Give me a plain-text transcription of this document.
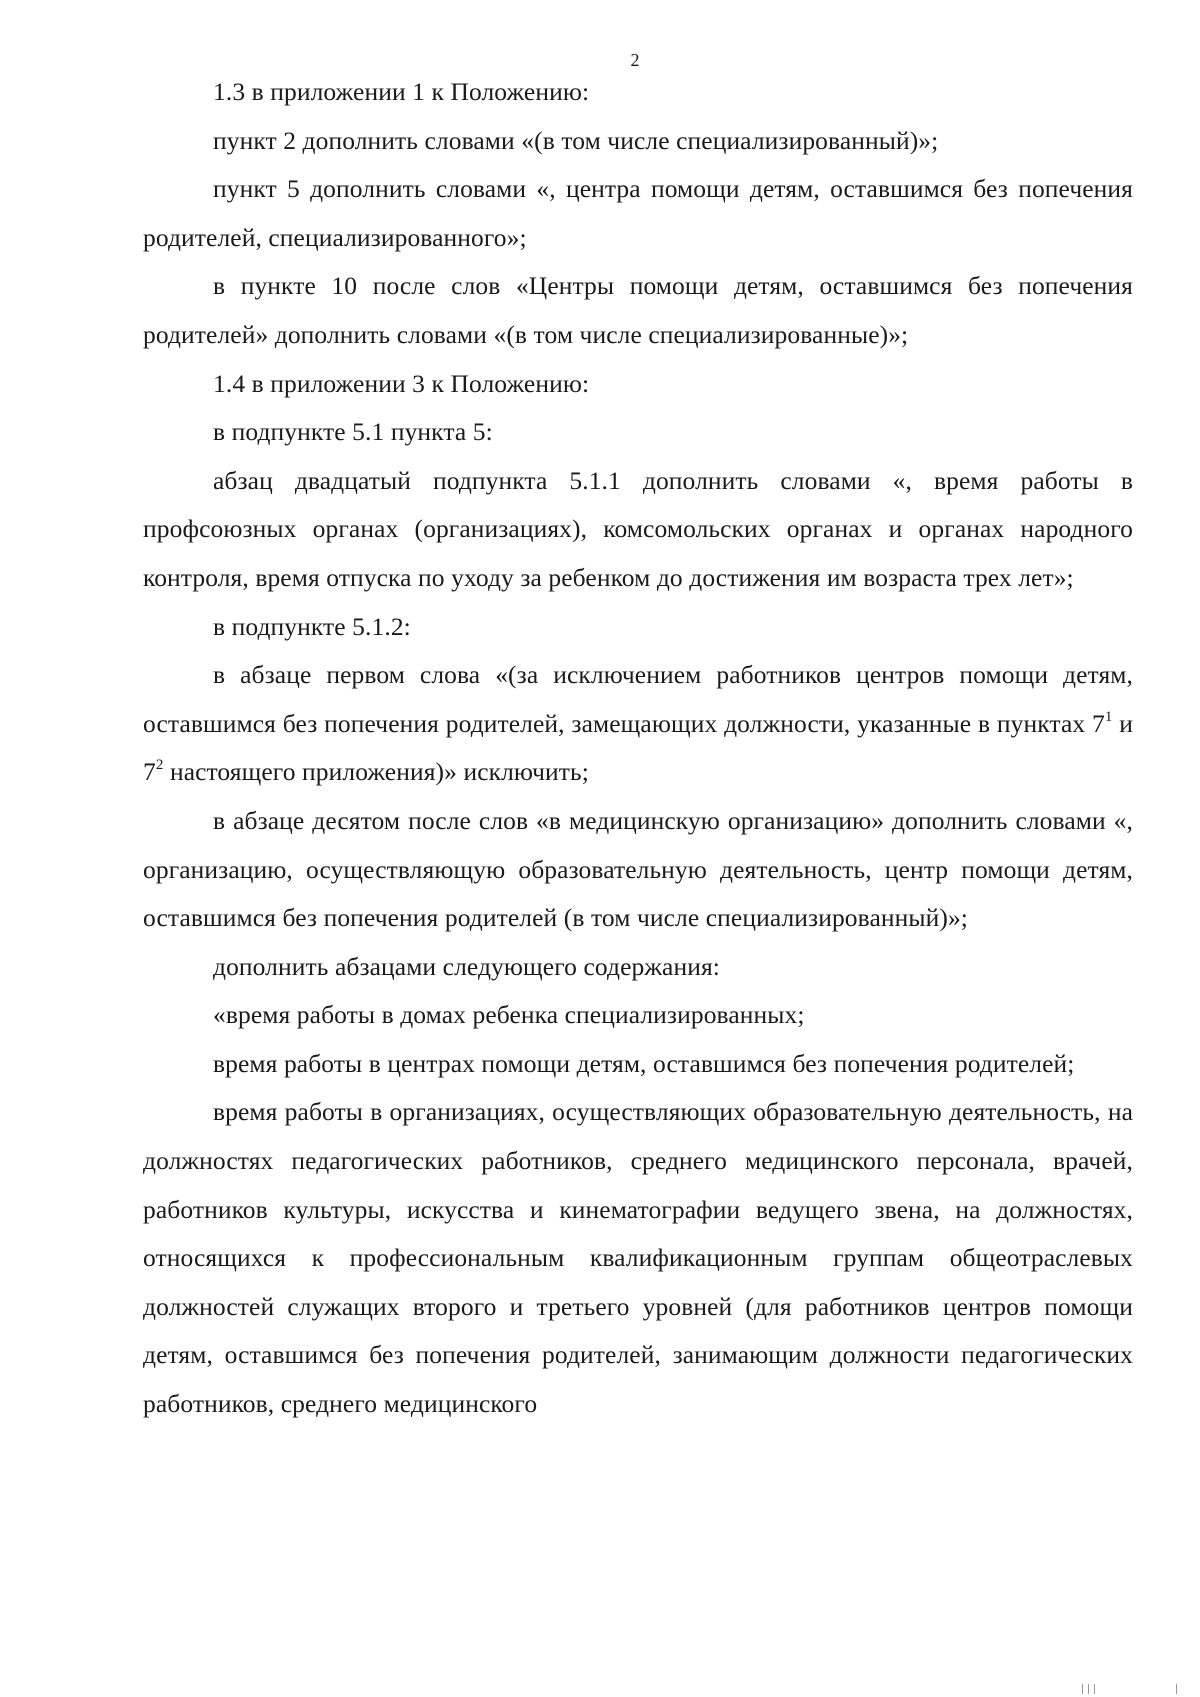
2

1.3 в приложении 1 к Положению:

пункт 2 дополнить словами «(в том числе специализированный)»;

пункт 5 дополнить словами «, центра помощи детям, оставшимся без попечения родителей, специализированного»;

в пункте 10 после слов «Центры помощи детям, оставшимся без попечения родителей» дополнить словами «(в том числе специализированные)»;

1.4 в приложении 3 к Положению:

в подпункте 5.1 пункта 5:

абзац двадцатый подпункта 5.1.1 дополнить словами «, время работы в профсоюзных органах (организациях), комсомольских органах и органах народного контроля, время отпуска по уходу за ребенком до достижения им возраста трех лет»;

в подпункте 5.1.2:

в абзаце первом слова «(за исключением работников центров помощи детям, оставшимся без попечения родителей, замещающих должности, указанные в пунктах $7^1$ и $7^2$ настоящего приложения)» исключить;

в абзаце десятом после слов «в медицинскую организацию» дополнить словами «, организацию, осуществляющую образовательную деятельность, центр помощи детям, оставшимся без попечения родителей (в том числе специализированный)»;

дополнить абзацами следующего содержания:

«время работы в домах ребенка специализированных;

время работы в центрах помощи детям, оставшимся без попечения родителей;

время работы в организациях, осуществляющих образовательную деятельность, на должностях педагогических работников, среднего медицинского персонала, врачей, работников культуры, искусства и кинематографии ведущего звена, на должностях, относящихся к профессиональным квалификационным группам общеотраслевых должностей служащих второго и третьего уровней (для работников центров помощи детям, оставшимся без попечения родителей, занимающим должности педагогических работников, среднего медицинского
